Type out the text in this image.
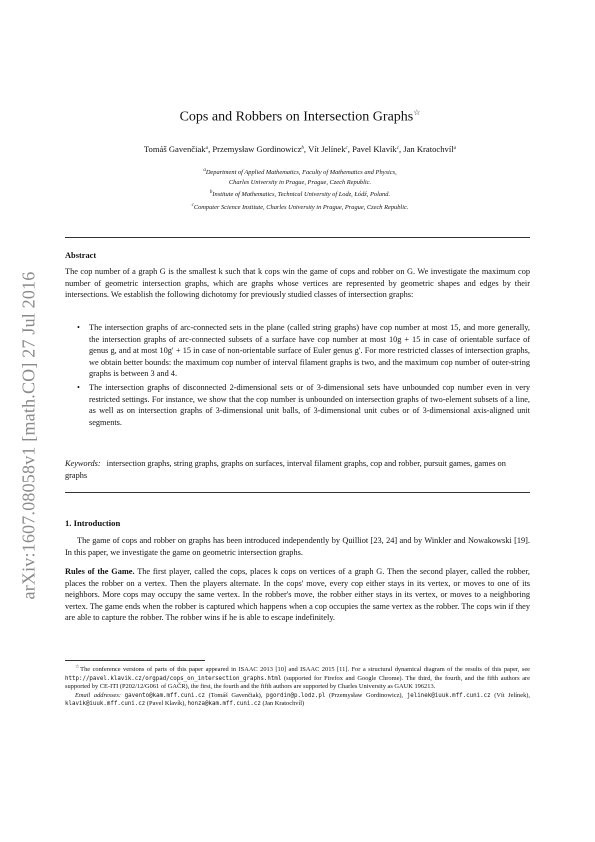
arXiv:1607.08058v1 [math.CO] 27 Jul 2016
Cops and Robbers on Intersection Graphs☆
Tomáš Gavenčiak$^a$, Przemysław Gordinowicz$^b$, Vít Jelínek$^c$, Pavel Klavík$^c$, Jan Kratochvíl$^a$
$^a$Department of Applied Mathematics, Faculty of Mathematics and Physics,
Charles University in Prague, Prague, Czech Republic.
$^b$Institute of Mathematics, Technical University of Lodz, Łódź, Poland.
$^c$Computer Science Institute, Charles University in Prague, Prague, Czech Republic.
Abstract
The cop number of a graph G is the smallest k such that k cops win the game of cops and robber on G. We investigate the maximum cop number of geometric intersection graphs, which are graphs whose vertices are represented by geometric shapes and edges by their intersections. We establish the following dichotomy for previously studied classes of intersection graphs:
• The intersection graphs of arc-connected sets in the plane (called string graphs) have cop number at most 15, and more generally, the intersection graphs of arc-connected subsets of a surface have cop number at most 10g + 15 in case of orientable surface of genus g, and at most 10g′ + 15 in case of non-orientable surface of Euler genus g′. For more restricted classes of intersection graphs, we obtain better bounds: the maximum cop number of interval filament graphs is two, and the maximum cop number of outer-string graphs is between 3 and 4.
• The intersection graphs of disconnected 2-dimensional sets or of 3-dimensional sets have unbounded cop number even in very restricted settings. For instance, we show that the cop number is unbounded on intersection graphs of two-element subsets of a line, as well as on intersection graphs of 3-dimensional unit balls, of 3-dimensional unit cubes or of 3-dimensional axis-aligned unit segments.
Keywords: intersection graphs, string graphs, graphs on surfaces, interval filament graphs, cop and robber, pursuit games, games on graphs
1. Introduction
The game of cops and robber on graphs has been introduced independently by Quilliot [23, 24] and by Winkler and Nowakowski [19]. In this paper, we investigate the game on geometric intersection graphs.
Rules of the Game. The first player, called the cops, places k cops on vertices of a graph G. Then the second player, called the robber, places the robber on a vertex. Then the players alternate. In the cops' move, every cop either stays in its vertex, or moves to one of its neighbors. More cops may occupy the same vertex. In the robber's move, the robber either stays in its vertex, or moves to a neighboring vertex. The game ends when the robber is captured which happens when a cop occupies the same vertex as the robber. The cops win if they are able to capture the robber. The robber wins if he is able to escape indefinitely.
☆The conference versions of parts of this paper appeared in ISAAC 2013 [10] and ISAAC 2015 [11]. For a structural dynamical diagram of the results of this paper, see http://pavel.klavik.cz/orgpad/cops_on_intersection_graphs.html (supported for Firefox and Google Chrome). The third, the fourth, and the fifth authors are supported by CE-ITI (P202/12/G061 of GAČR), the first, the fourth and the fifth authors are supported by Charles University as GAUK 196213.
Email addresses: gavento@kam.mff.cuni.cz (Tomáš Gavenčiak), pgordin@p.lodz.pl (Przemysław Gordinowicz), jelinek@iuuk.mff.cuni.cz (Vít Jelínek), klavik@iuuk.mff.cuni.cz (Pavel Klavík), honza@kam.mff.cuni.cz (Jan Kratochvíl)
